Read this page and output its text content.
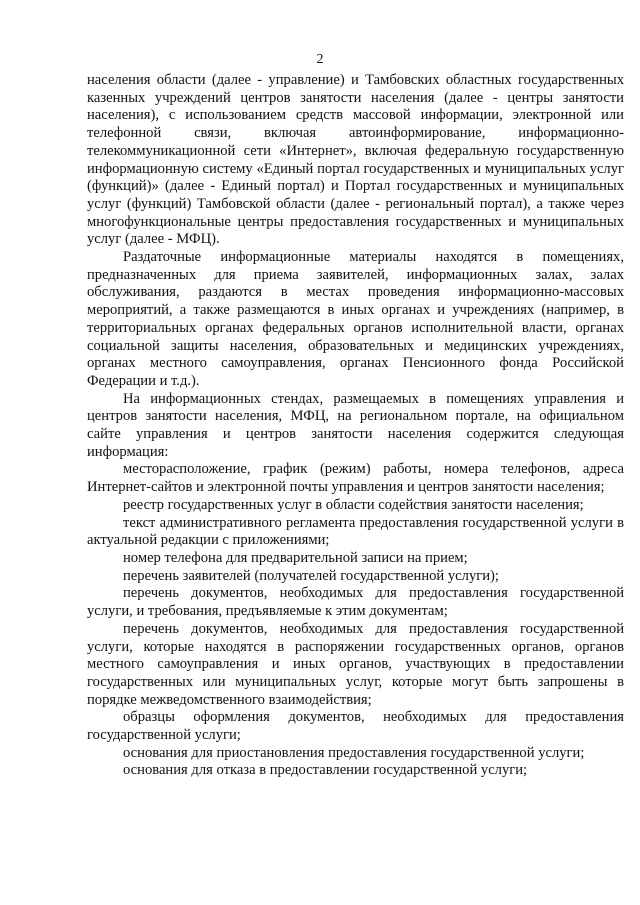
2

населения области (далее - управление) и Тамбовских областных государственных казенных учреждений центров занятости населения (далее - центры занятости населения), с использованием средств массовой информации, электронной или телефонной связи, включая автоинформирование, информационно-телекоммуникационной сети «Интернет», включая федеральную государственную информационную систему «Единый портал государственных и муниципальных услуг (функций)» (далее - Единый портал) и Портал государственных и муниципальных услуг (функций) Тамбовской области (далее - региональный портал), а также через многофункциональные центры предоставления государственных и муниципальных услуг (далее - МФЦ).

Раздаточные информационные материалы находятся в помещениях, предназначенных для приема заявителей, информационных залах, залах обслуживания, раздаются в местах проведения информационно-массовых мероприятий, а также размещаются в иных органах и учреждениях (например, в территориальных органах федеральных органов исполнительной власти, органах социальной защиты населения, образовательных и медицинских учреждениях, органах местного самоуправления, органах Пенсионного фонда Российской Федерации и т.д.).

На информационных стендах, размещаемых в помещениях управления и центров занятости населения, МФЦ, на региональном портале, на официальном сайте управления и центров занятости населения содержится следующая информация:

месторасположение, график (режим) работы, номера телефонов, адреса Интернет-сайтов и электронной почты управления и центров занятости населения;

реестр государственных услуг в области содействия занятости населения;

текст административного регламента предоставления государственной услуги в актуальной редакции с приложениями;

номер телефона для предварительной записи на прием;

перечень заявителей (получателей государственной услуги);

перечень документов, необходимых для предоставления государственной услуги, и требования, предъявляемые к этим документам;

перечень документов, необходимых для предоставления государственной услуги, которые находятся в распоряжении государственных органов, органов местного самоуправления и иных органов, участвующих в предоставлении государственных или муниципальных услуг, которые могут быть запрошены в порядке межведомственного взаимодействия;

образцы оформления документов, необходимых для предоставления государственной услуги;

основания для приостановления предоставления государственной услуги;

основания для отказа в предоставлении государственной услуги;
